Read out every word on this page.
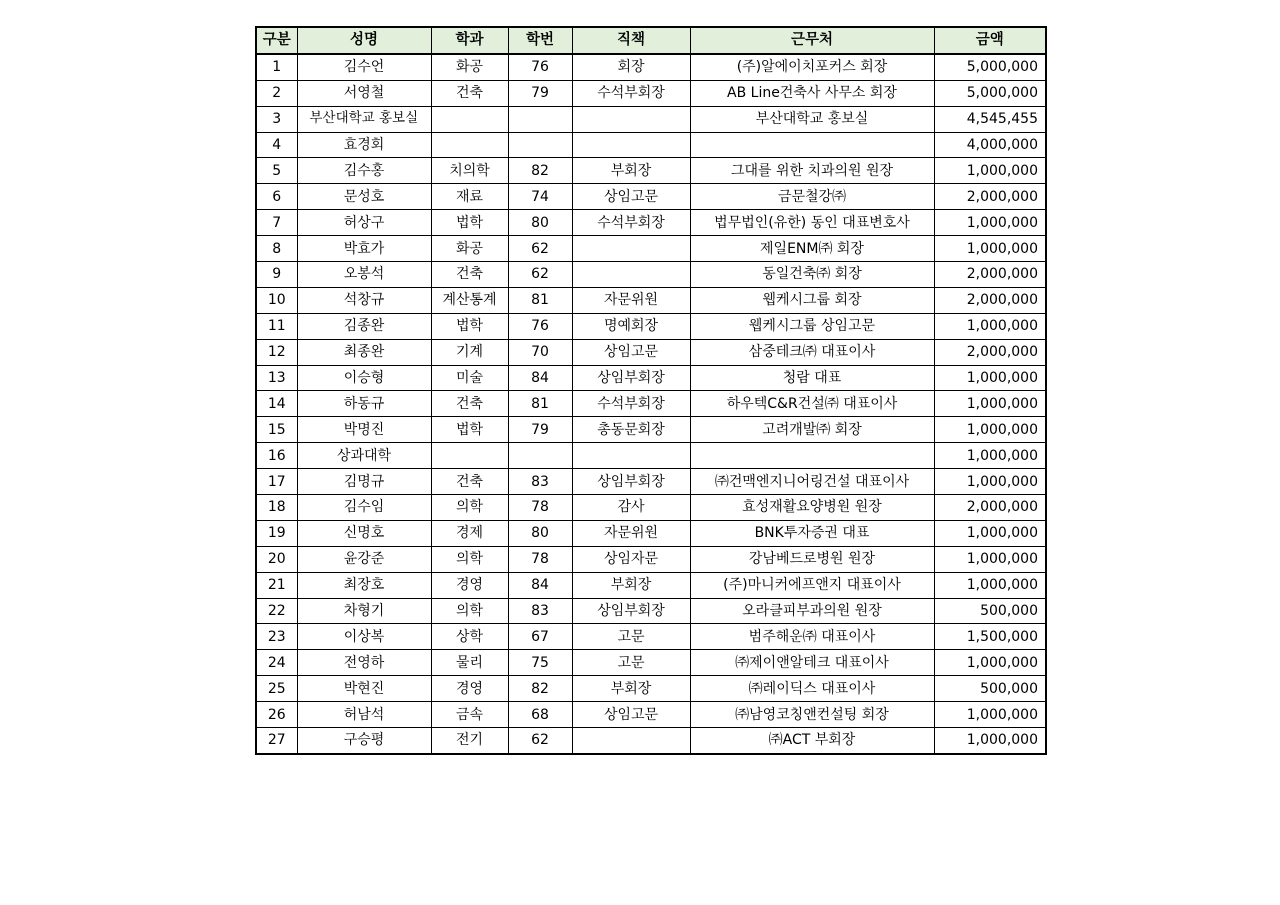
구분	성명	학과	학번	직책	근무처	금액
1	김수언	화공	76	회장	(주)알에이치포커스 회장	5,000,000
2	서영철	건축	79	수석부회장	AB Line건축사 사무소 회장	5,000,000
3	부산대학교 홍보실				부산대학교 홍보실	4,545,455
4	효경회					4,000,000
5	김수홍	치의학	82	부회장	그대를 위한 치과의원 원장	1,000,000
6	문성호	재료	74	상임고문	금문철강㈜	2,000,000
7	허상구	법학	80	수석부회장	법무법인(유한) 동인 대표변호사	1,000,000
8	박효가	화공	62		제일ENM㈜ 회장	1,000,000
9	오봉석	건축	62		동일건축㈜ 회장	2,000,000
10	석창규	계산통계	81	자문위원	웹케시그룹 회장	2,000,000
11	김종완	법학	76	명예회장	웹케시그룹 상임고문	1,000,000
12	최종완	기계	70	상임고문	삼중테크㈜ 대표이사	2,000,000
13	이승형	미술	84	상임부회장	청람 대표	1,000,000
14	하동규	건축	81	수석부회장	하우텍C&R건설㈜ 대표이사	1,000,000
15	박명진	법학	79	총동문회장	고려개발㈜ 회장	1,000,000
16	상과대학					1,000,000
17	김명규	건축	83	상임부회장	㈜건맥엔지니어링건설 대표이사	1,000,000
18	김수임	의학	78	감사	효성재활요양병원 원장	2,000,000
19	신명호	경제	80	자문위원	BNK투자증권 대표	1,000,000
20	윤강준	의학	78	상임자문	강남베드로병원 원장	1,000,000
21	최장호	경영	84	부회장	(주)마니커에프앤지 대표이사	1,000,000
22	차형기	의학	83	상임부회장	오라클피부과의원 원장	500,000
23	이상복	상학	67	고문	범주해운㈜ 대표이사	1,500,000
24	전영하	물리	75	고문	㈜제이앤알테크 대표이사	1,000,000
25	박현진	경영	82	부회장	㈜레이딕스 대표이사	500,000
26	허남석	금속	68	상임고문	㈜남영코칭앤컨설팅 회장	1,000,000
27	구승평	전기	62		㈜ACT 부회장	1,000,000
